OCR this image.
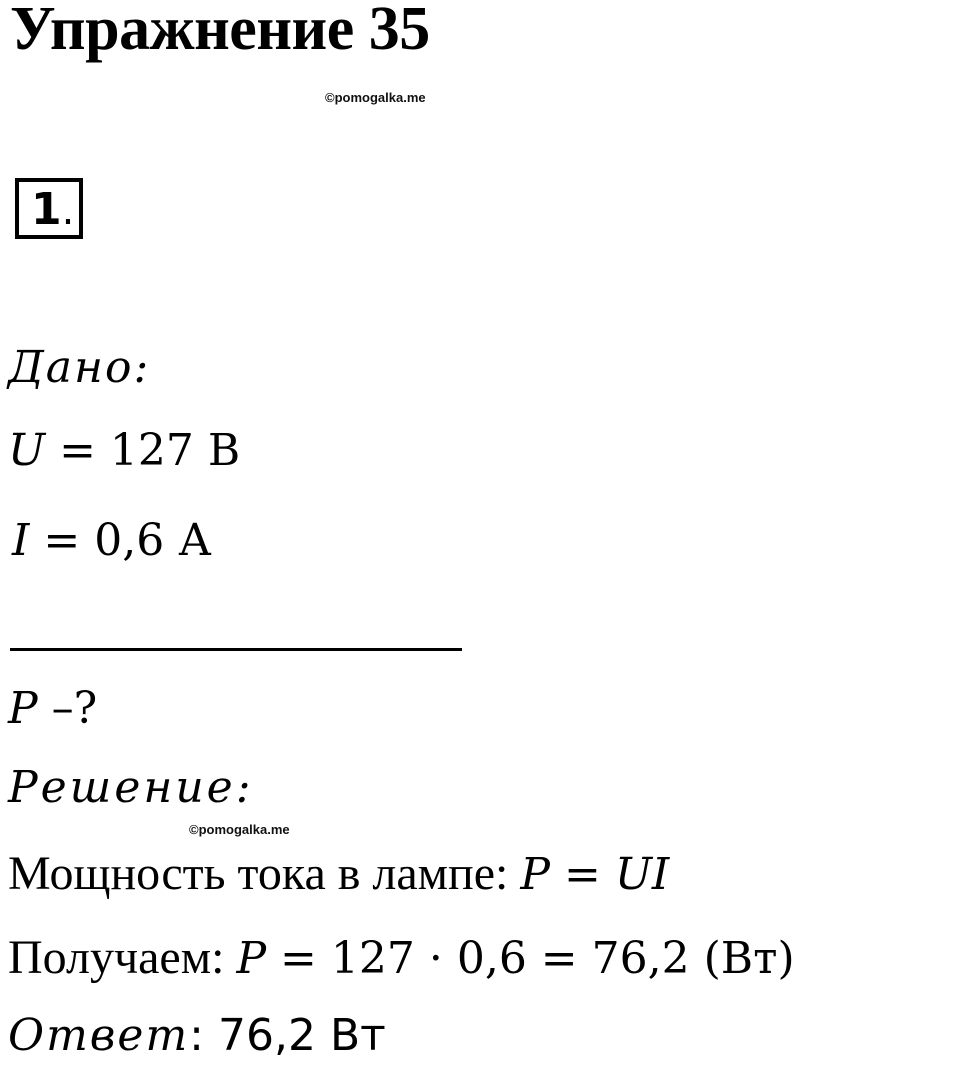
Упражнение 35
©pomogalka.me
1.
Дано:
U = 127 В
I = 0,6 А
P –?
Решение:
©pomogalka.me
Мощность тока в лампе: P = UI
Получаем: P = 127 · 0,6 = 76,2 (Вт)
Ответ: 76,2 Вт
